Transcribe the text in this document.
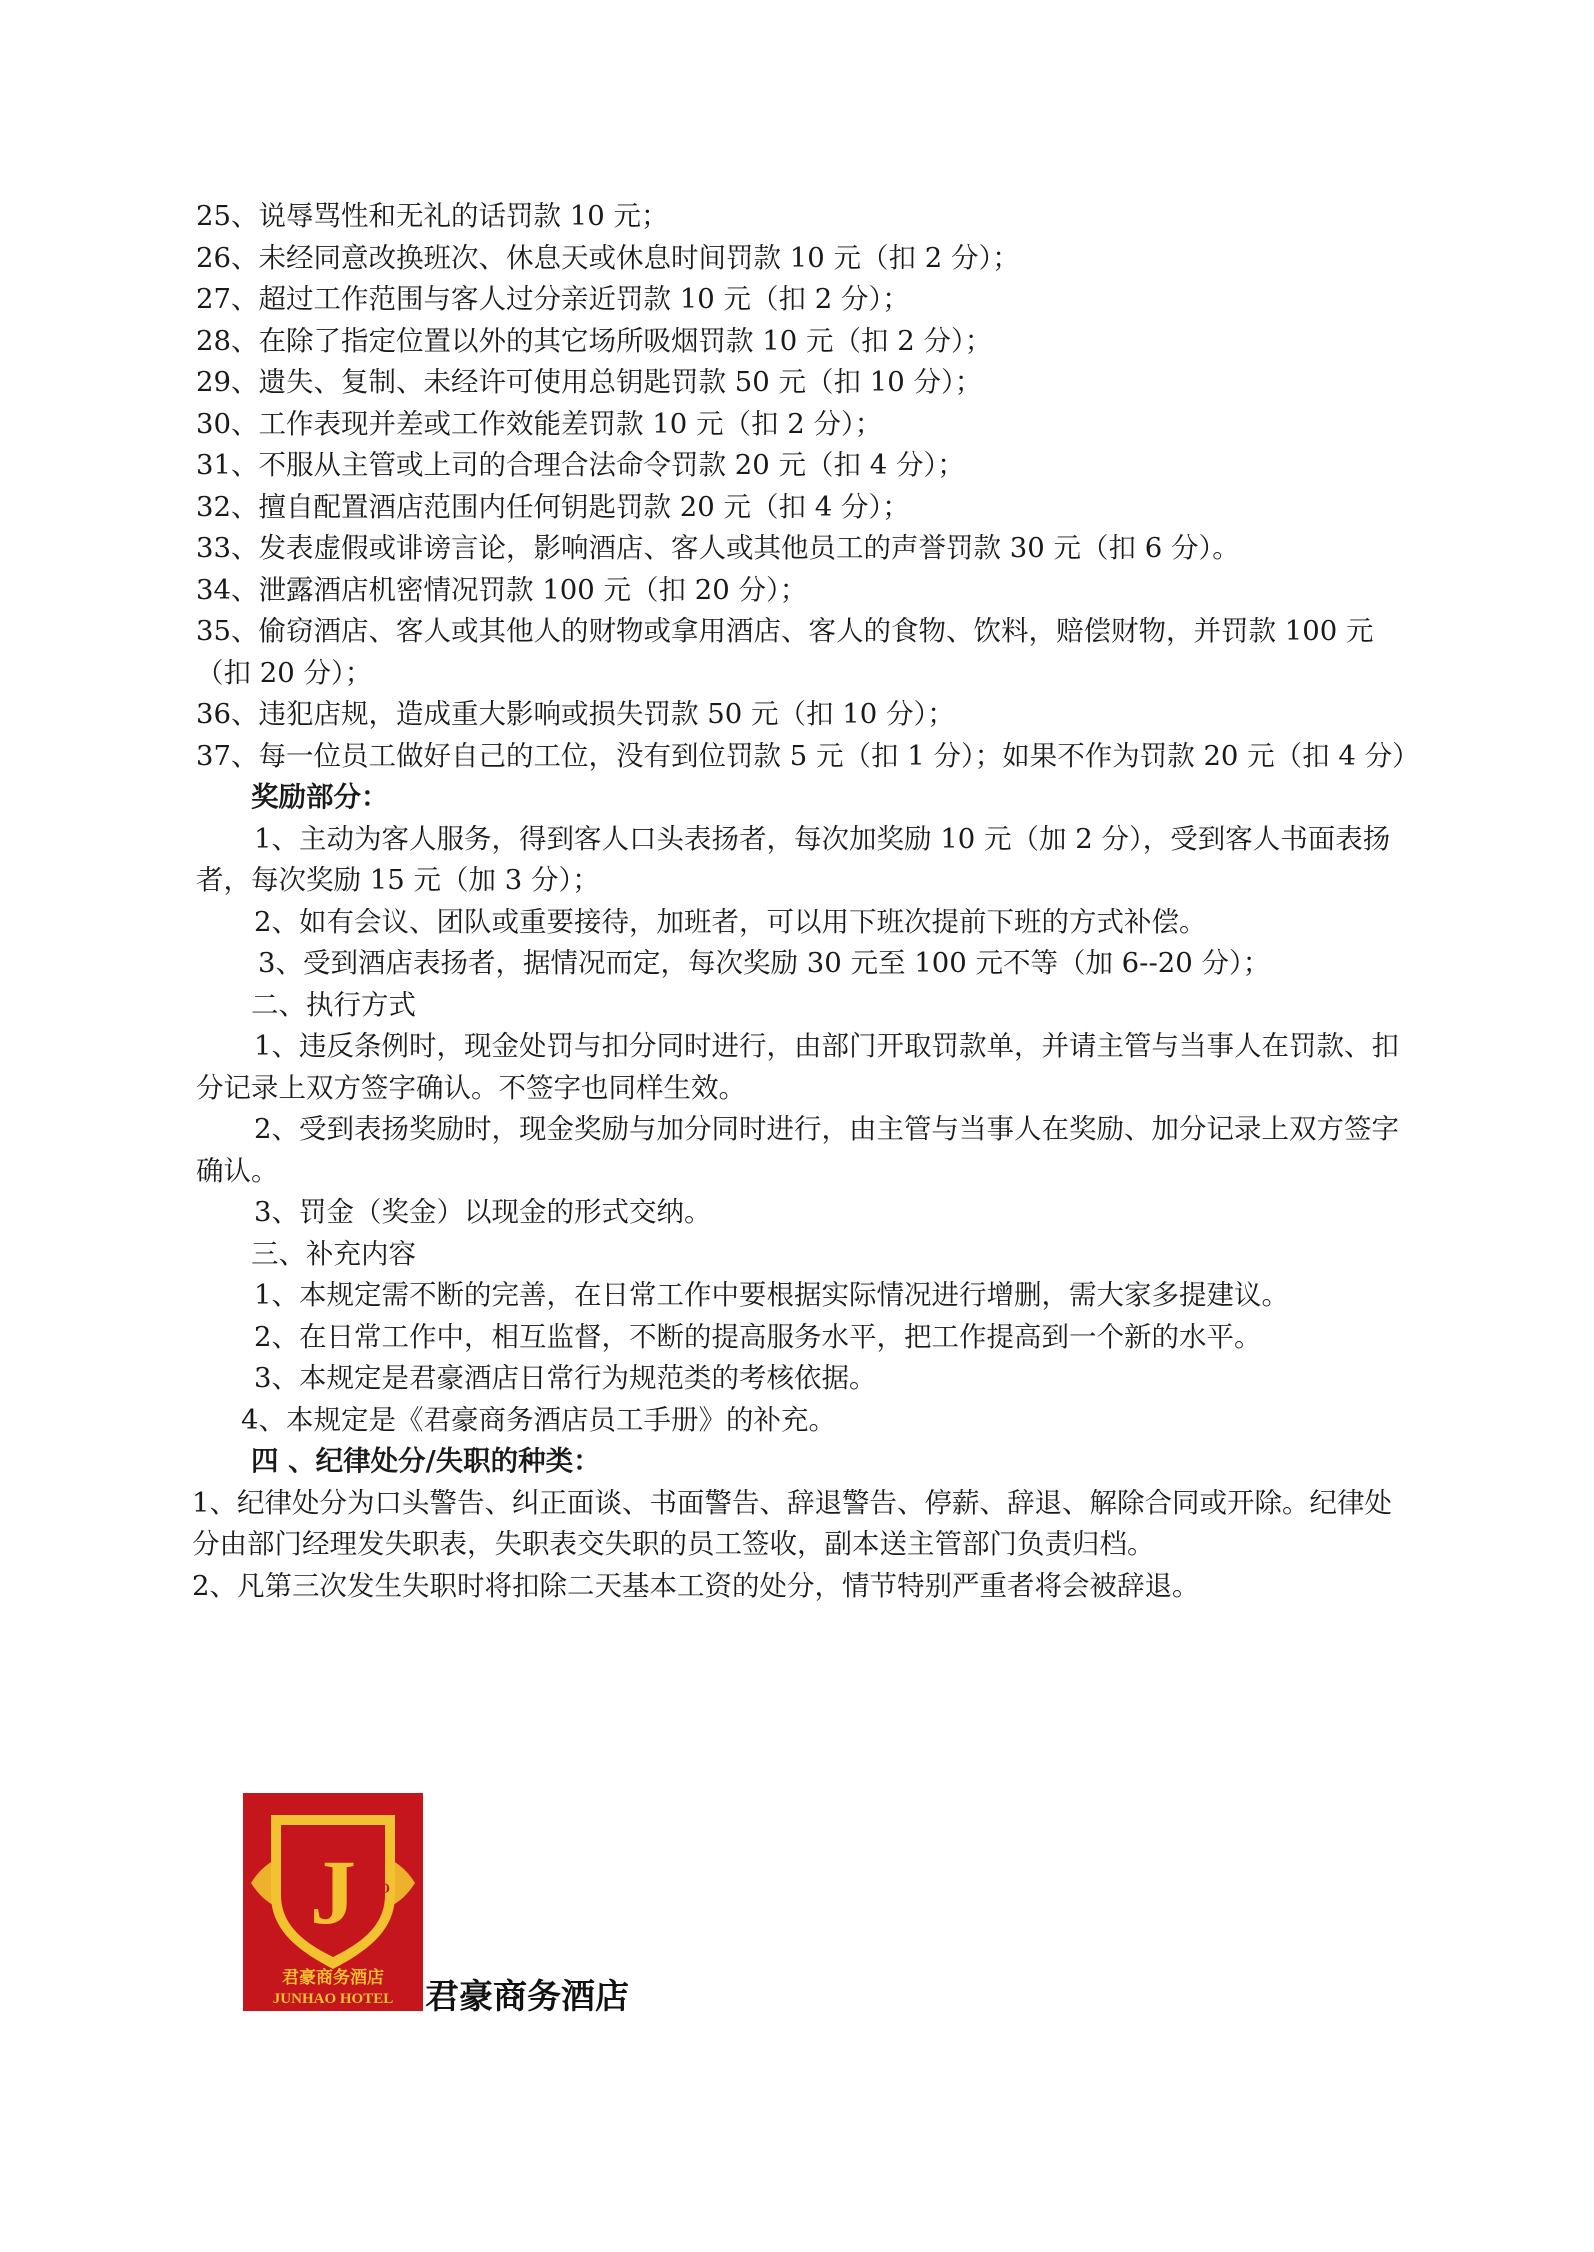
25、说辱骂性和无礼的话罚款 10 元；
26、未经同意改换班次、休息天或休息时间罚款 10 元（扣 2 分）；
27、超过工作范围与客人过分亲近罚款 10 元（扣 2 分）；
28、在除了指定位置以外的其它场所吸烟罚款 10 元（扣 2 分）；
29、遗失、复制、未经许可使用总钥匙罚款 50 元（扣 10 分）；
30、工作表现并差或工作效能差罚款 10 元（扣 2 分）；
31、不服从主管或上司的合理合法命令罚款 20 元（扣 4 分）；
32、擅自配置酒店范围内任何钥匙罚款 20 元（扣 4 分）；
33、发表虚假或诽谤言论，影响酒店、客人或其他员工的声誉罚款 30 元（扣 6 分）。
34、泄露酒店机密情况罚款 100 元（扣 20 分）；
35、偷窃酒店、客人或其他人的财物或拿用酒店、客人的食物、饮料，赔偿财物，并罚款 100 元（扣 20 分）；
36、违犯店规，造成重大影响或损失罚款 50 元（扣 10 分）；
37、每一位员工做好自己的工位，没有到位罚款 5 元（扣 1 分）；如果不作为罚款 20 元（扣 4 分）
奖励部分：
1、主动为客人服务，得到客人口头表扬者，每次加奖励 10 元（加 2 分），受到客人书面表扬者，每次奖励 15 元（加 3 分）；
2、如有会议、团队或重要接待，加班者，可以用下班次提前下班的方式补偿。
3、受到酒店表扬者，据情况而定，每次奖励 30 元至 100 元不等（加 6--20 分）；
二、执行方式
1、违反条例时，现金处罚与扣分同时进行，由部门开取罚款单，并请主管与当事人在罚款、扣分记录上双方签字确认。不签字也同样生效。
2、受到表扬奖励时，现金奖励与加分同时进行，由主管与当事人在奖励、加分记录上双方签字确认。
3、罚金（奖金）以现金的形式交纳。
三、补充内容
1、本规定需不断的完善，在日常工作中要根据实际情况进行增删，需大家多提建议。
2、在日常工作中，相互监督，不断的提高服务水平，把工作提高到一个新的水平。
3、本规定是君豪酒店日常行为规范类的考核依据。
4、本规定是《君豪商务酒店员工手册》的补充。
四 、纪律处分/失职的种类：
1、纪律处分为口头警告、纠正面谈、书面警告、辞退警告、停薪、辞退、解除合同或开除。纪律处分由部门经理发失职表，失职表交失职的员工签收，副本送主管部门负责归档。
2、凡第三次发生失职时将扣除二天基本工资的处分，情节特别严重者将会被辞退。
J
JUN	HAO
君豪商务酒店
JUNHAO HOTEL 君豪商务酒店
